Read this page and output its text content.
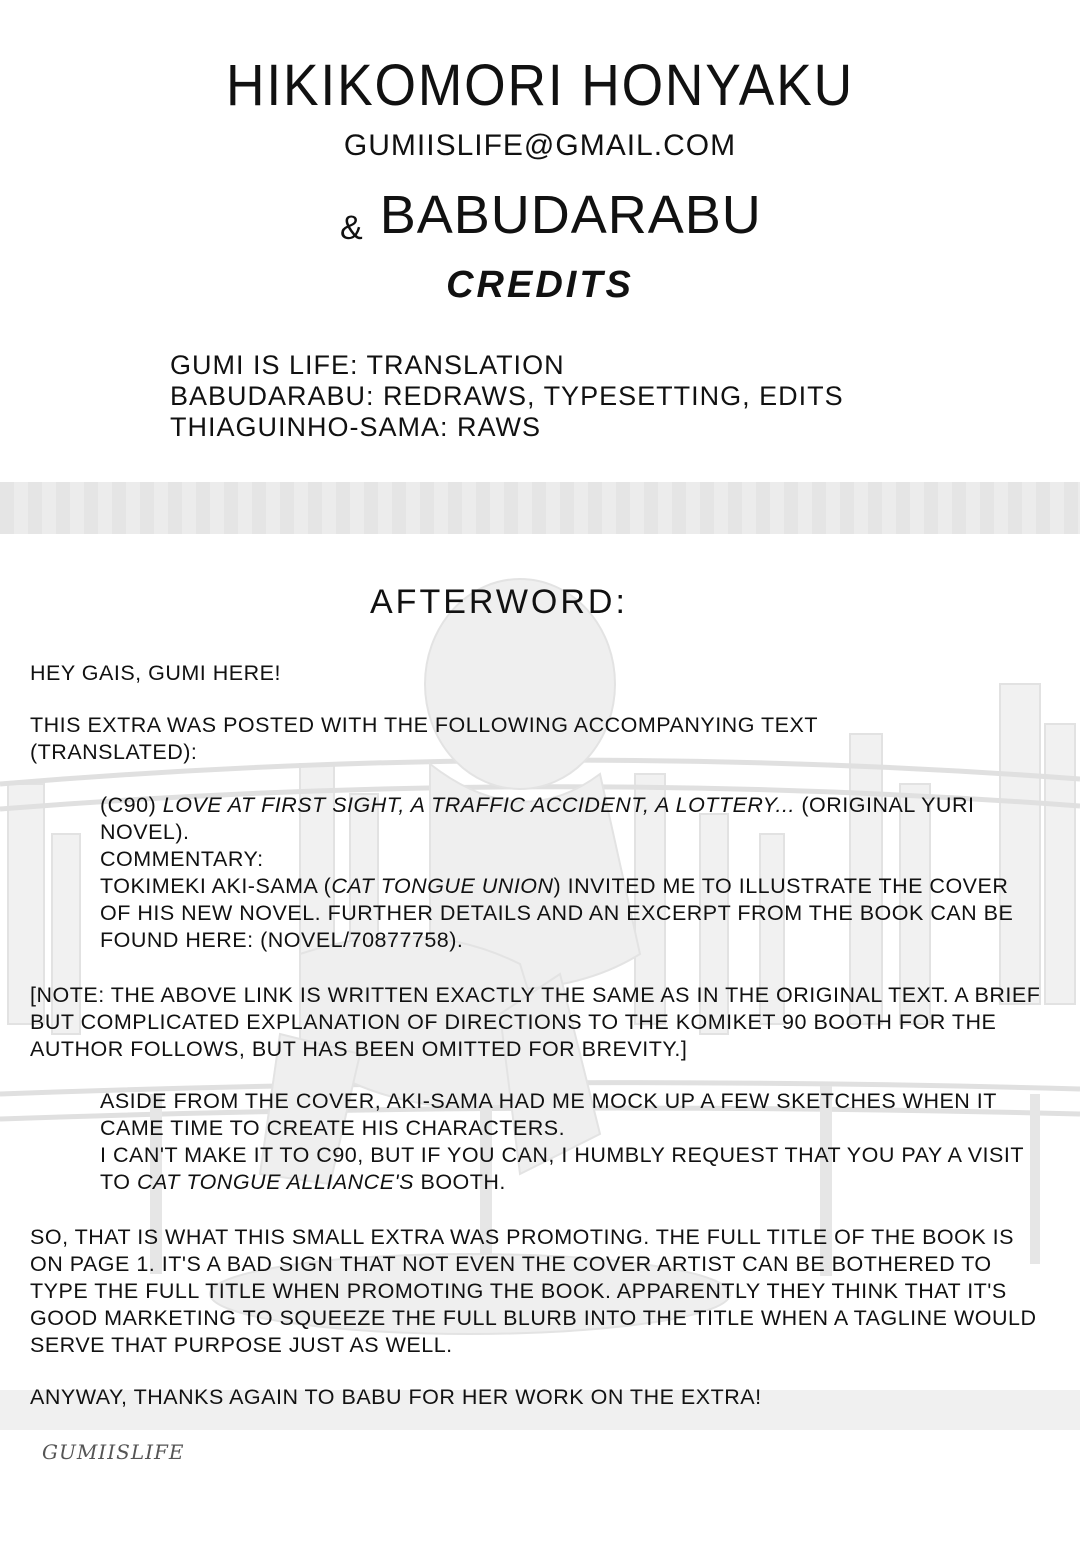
HIKIKOMORI HONYAKU
GUMIISLIFE@GMAIL.COM
& BABUDARABU
CREDITS
GUMI IS LIFE: TRANSLATION
BABUDARABU: REDRAWS, TYPESETTING, EDITS
THIAGUINHO-SAMA: RAWS
AFTERWORD:

HEY GAIS, GUMI HERE!

THIS EXTRA WAS POSTED WITH THE FOLLOWING ACCOMPANYING TEXT (TRANSLATED):

(C90) LOVE AT FIRST SIGHT, A TRAFFIC ACCIDENT, A LOTTERY... (ORIGINAL YURI NOVEL).
COMMENTARY:
TOKIMEKI AKI-SAMA (CAT TONGUE UNION) INVITED ME TO ILLUSTRATE THE COVER OF HIS NEW NOVEL. FURTHER DETAILS AND AN EXCERPT FROM THE BOOK CAN BE FOUND HERE: (NOVEL/70877758).

[NOTE: THE ABOVE LINK IS WRITTEN EXACTLY THE SAME AS IN THE ORIGINAL TEXT. A BRIEF BUT COMPLICATED EXPLANATION OF DIRECTIONS TO THE KOMIKET 90 BOOTH FOR THE AUTHOR FOLLOWS, BUT HAS BEEN OMITTED FOR BREVITY.]

ASIDE FROM THE COVER, AKI-SAMA HAD ME MOCK UP A FEW SKETCHES WHEN IT CAME TIME TO CREATE HIS CHARACTERS.
I CAN'T MAKE IT TO C90, BUT IF YOU CAN, I HUMBLY REQUEST THAT YOU PAY A VISIT TO CAT TONGUE ALLIANCE'S BOOTH.

SO, THAT IS WHAT THIS SMALL EXTRA WAS PROMOTING. THE FULL TITLE OF THE BOOK IS ON PAGE 1. IT'S A BAD SIGN THAT NOT EVEN THE COVER ARTIST CAN BE BOTHERED TO TYPE THE FULL TITLE WHEN PROMOTING THE BOOK. APPARENTLY THEY THINK THAT IT'S GOOD MARKETING TO SQUEEZE THE FULL BLURB INTO THE TITLE WHEN A TAGLINE WOULD SERVE THAT PURPOSE JUST AS WELL.

ANYWAY, THANKS AGAIN TO BABU FOR HER WORK ON THE EXTRA!

GUMIISLIFE
